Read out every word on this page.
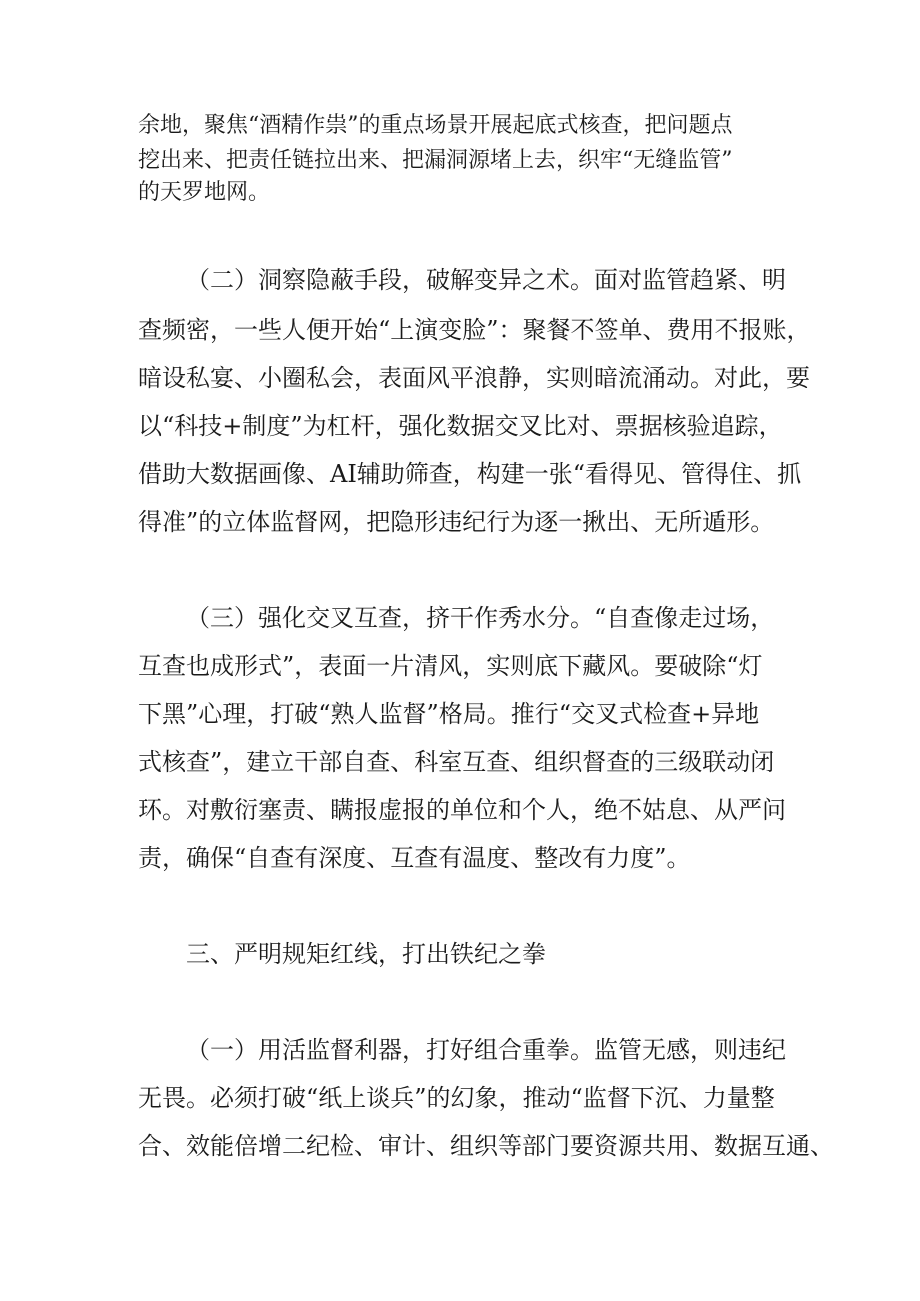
余地，聚焦“酒精作祟”的重点场景开展起底式核查，把问题点
挖出来、把责任链拉出来、把漏洞源堵上去，织牢“无缝监管”
的天罗地网。
（二）洞察隐蔽手段，破解变异之术。面对监管趋紧、明
查频密，一些人便开始“上演变脸”：聚餐不签单、费用不报账，
暗设私宴、小圈私会，表面风平浪静，实则暗流涌动。对此，要
以“科技+制度”为杠杆，强化数据交叉比对、票据核验追踪，
借助大数据画像、AI辅助筛查，构建一张“看得见、管得住、抓
得准”的立体监督网，把隐形违纪行为逐一揪出、无所遁形。
（三）强化交叉互查，挤干作秀水分。“自查像走过场，
互查也成形式”，表面一片清风，实则底下藏风。要破除“灯
下黑”心理，打破“熟人监督”格局。推行“交叉式检查+异地
式核查”，建立干部自查、科室互查、组织督查的三级联动闭
环。对敷衍塞责、瞒报虚报的单位和个人，绝不姑息、从严问
责，确保“自查有深度、互查有温度、整改有力度”。
三、严明规矩红线，打出铁纪之拳
（一）用活监督利器，打好组合重拳。监管无感，则违纪
无畏。必须打破“纸上谈兵”的幻象，推动“监督下沉、力量整
合、效能倍增二纪检、审计、组织等部门要资源共用、数据互通、
